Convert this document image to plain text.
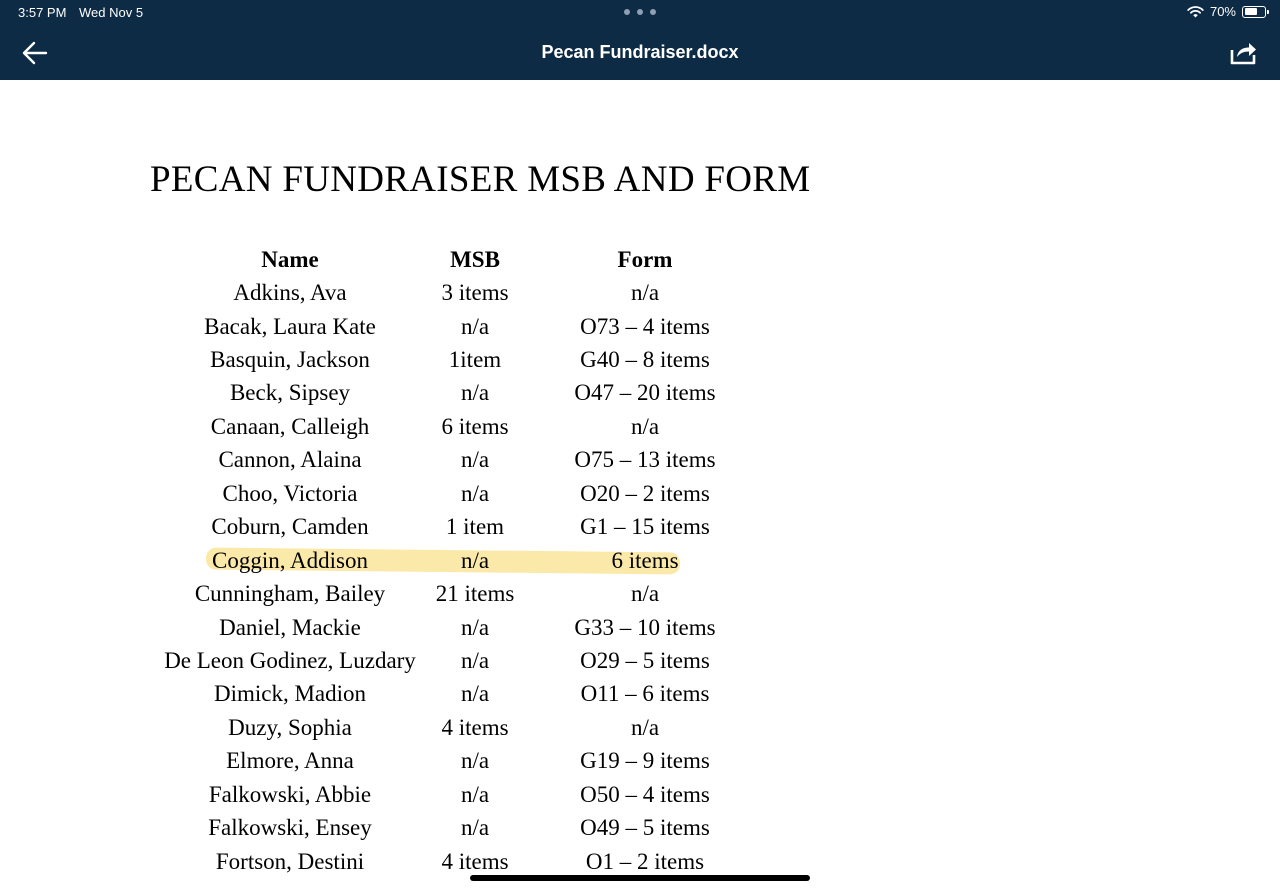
3:57 PM Wed Nov 5	70%
Pecan Fundraiser.docx
PECAN FUNDRAISER MSB AND FORM
Name	MSB	Form
Adkins, Ava	3 items	n/a
Bacak, Laura Kate	n/a	O73 – 4 items
Basquin, Jackson	1item	G40 – 8 items
Beck, Sipsey	n/a	O47 – 20 items
Canaan, Calleigh	6 items	n/a
Cannon, Alaina	n/a	O75 – 13 items
Choo, Victoria	n/a	O20 – 2 items
Coburn, Camden	1 item	G1 – 15 items
Coggin, Addison	n/a	6 items
Cunningham, Bailey	21 items	n/a
Daniel, Mackie	n/a	G33 – 10 items
De Leon Godinez, Luzdary	n/a	O29 – 5 items
Dimick, Madion	n/a	O11 – 6 items
Duzy, Sophia	4 items	n/a
Elmore, Anna	n/a	G19 – 9 items
Falkowski, Abbie	n/a	O50 – 4 items
Falkowski, Ensey	n/a	O49 – 5 items
Fortson, Destini	4 items	O1 – 2 items
